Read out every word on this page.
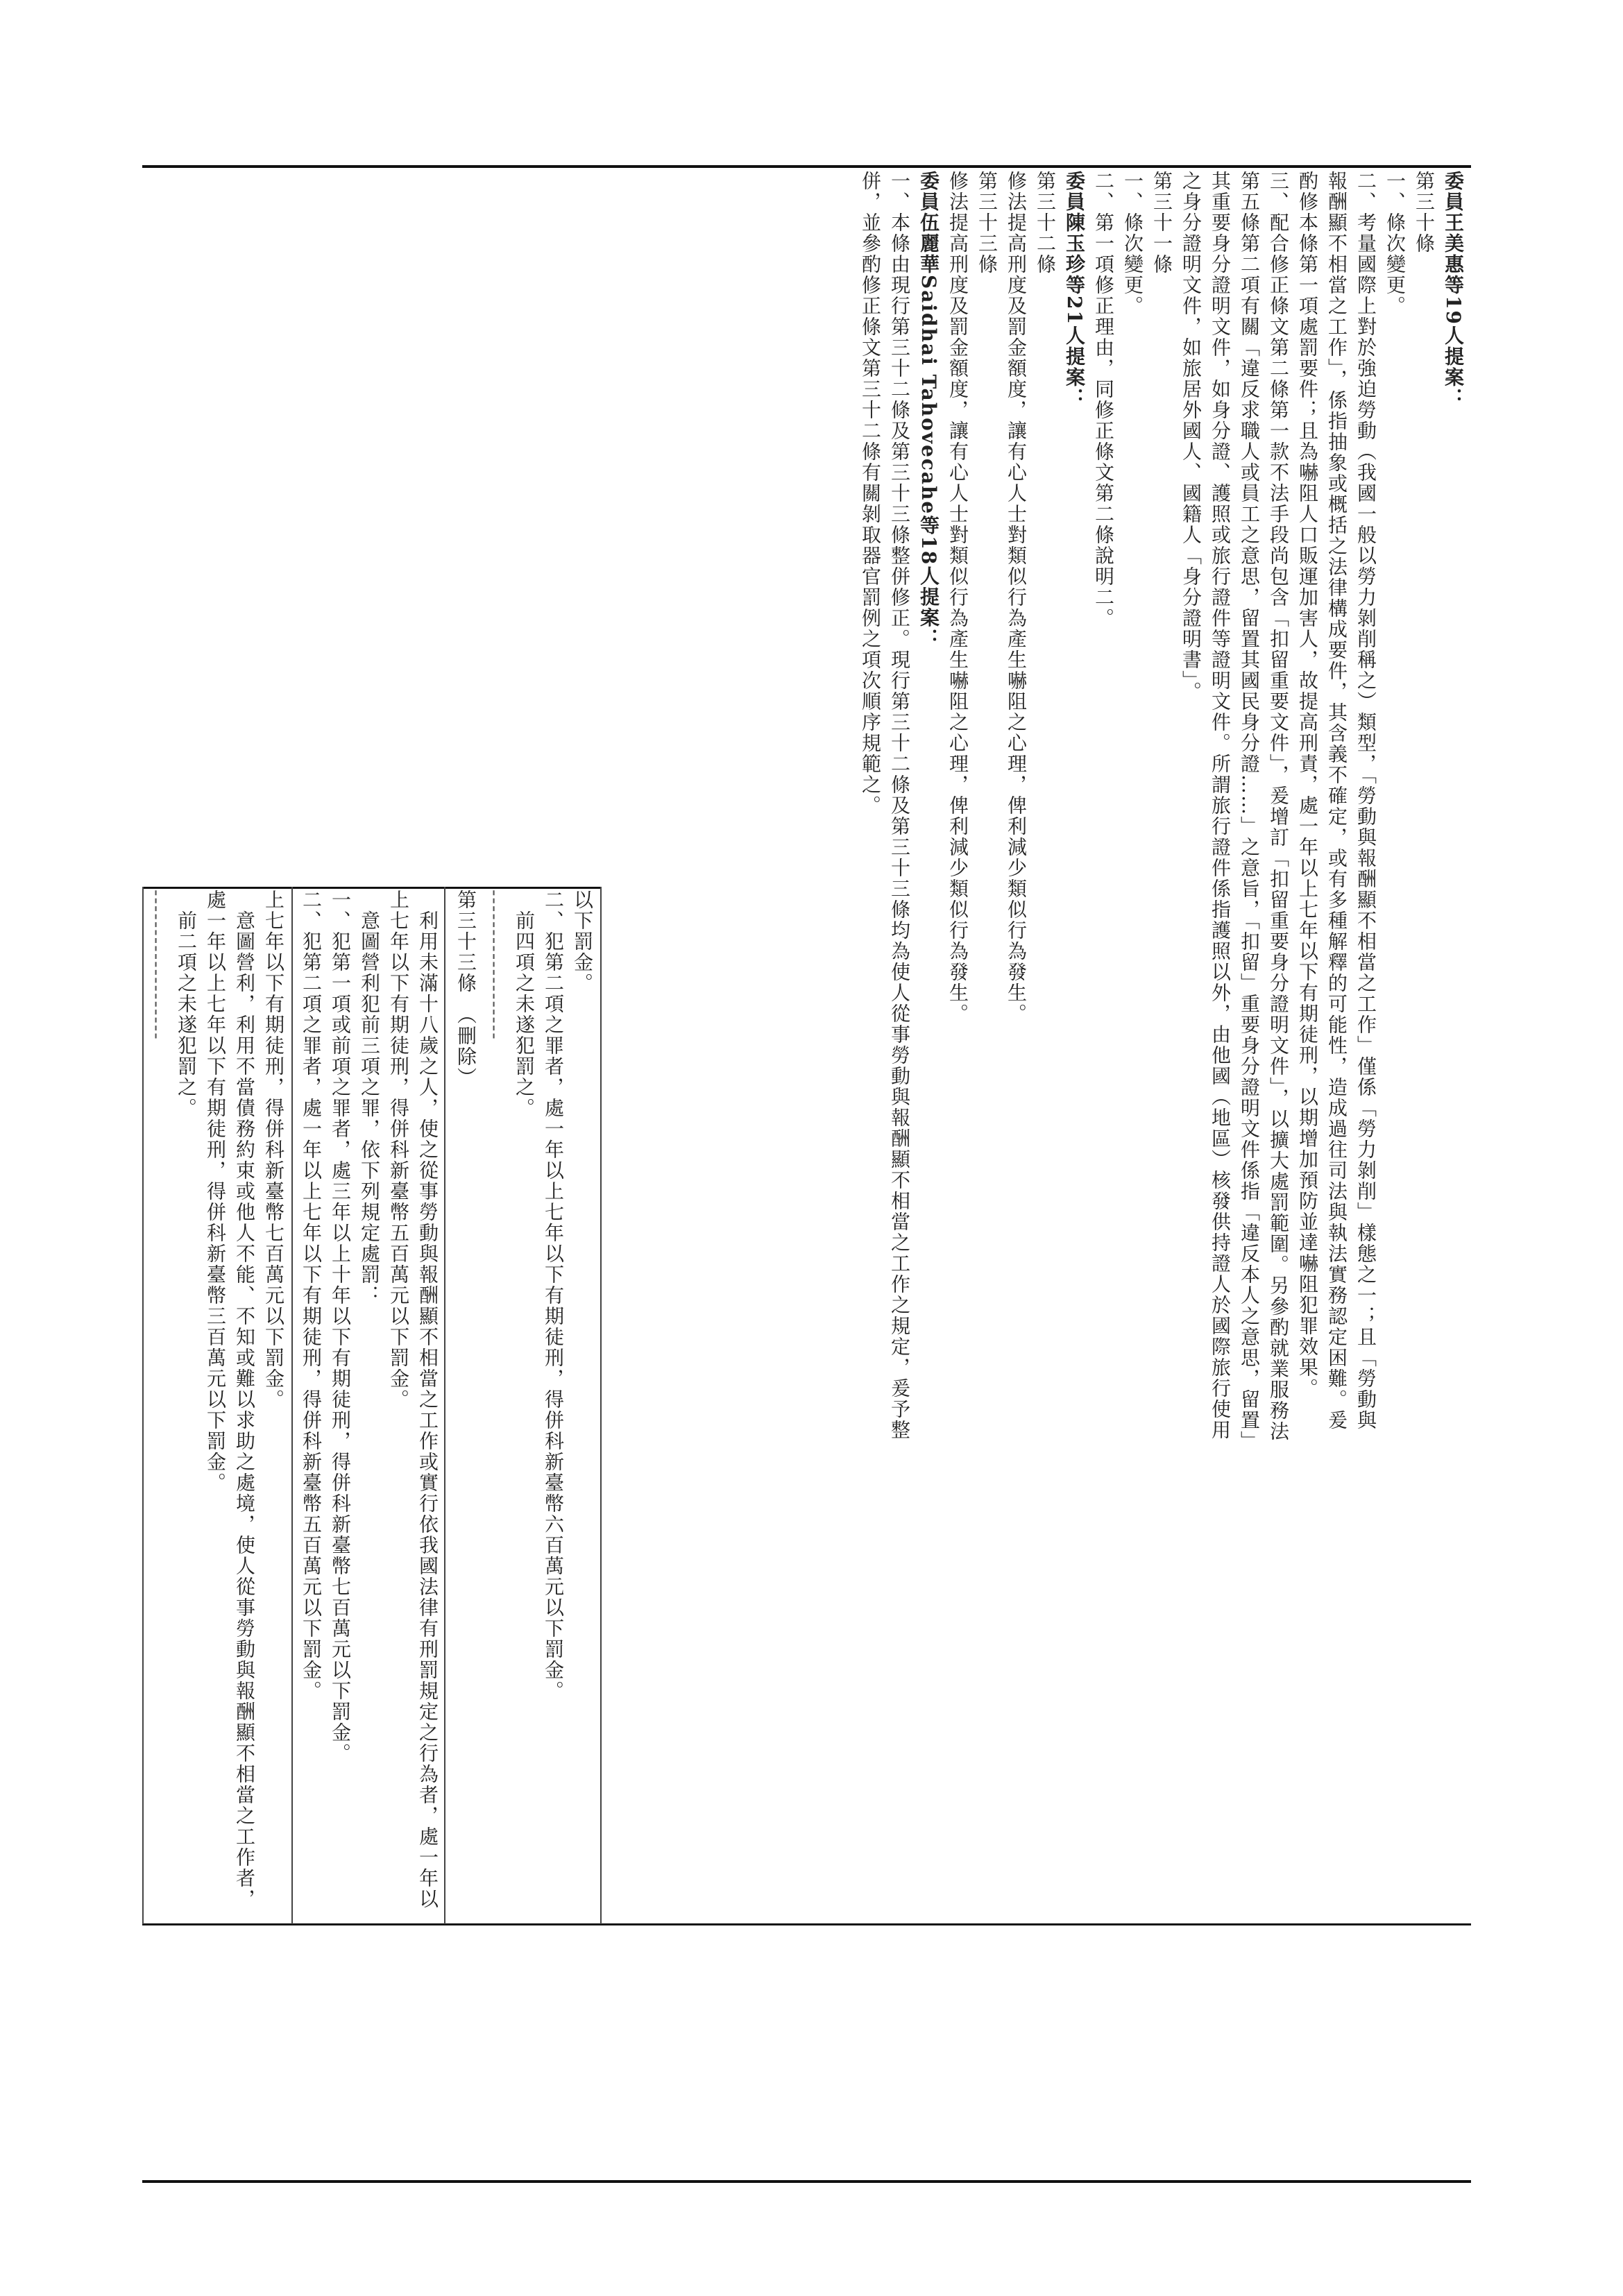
以下罰金。

二、犯第二項之罪者，處一年以上七年以下有期徒刑，得併科新臺幣六百萬元以下罰金。

　前四項之未遂犯罰之。

-------------------

第三十三條　（刪除）

　利用未滿十八歲之人，使之從事勞動與報酬顯不相當之工作或實行依我國法律有刑罰規定之行為者，處一年以上七年以下有期徒刑，得併科新臺幣五百萬元以下罰金。

　意圖營利犯前三項之罪，依下列規定處罰：

一、犯第一項或前項之罪者，處三年以上十年以下有期徒刑，得併科新臺幣七百萬元以下罰金。

二、犯第二項之罪者，處一年以上七年以下有期徒刑，得併科新臺幣五百萬元以下罰金。

上七年以下有期徒刑，得併科新臺幣七百萬元以下罰金。

　意圖營利，利用不當債務約束或他人不能、不知或難以求助之處境，使人從事勞動與報酬顯不相當之工作者，處一年以上七年以下有期徒刑，得併科新臺幣三百萬元以下罰金。

　前二項之未遂犯罰之。

-------------------

委員王美惠等19人提案：

第三十條

一、條次變更。

二、考量國際上對於強迫勞動（我國一般以勞力剝削稱之）類型，「勞動與報酬顯不相當之工作」僅係「勞力剝削」樣態之一；且「勞動與報酬顯不相當之工作」，係指抽象或概括之法律構成要件，其含義不確定，或有多種解釋的可能性，造成過往司法與執法實務認定困難。爰酌修本條第一項處罰要件；且為嚇阻人口販運加害人，故提高刑責，處一年以上七年以下有期徒刑，以期增加預防並達嚇阻犯罪效果。

三、配合修正條文第二條第一款不法手段尚包含「扣留重要文件」，爰增訂「扣留重要身分證明文件」，以擴大處罰範圍。另參酌就業服務法第五條第二項有關「違反求職人或員工之意思，留置其國民身分證……」之意旨，「扣留」重要身分證明文件係指「違反本人之意思，留置」其重要身分證明文件，如身分證、護照或旅行證件等證明文件。所謂旅行證件係指護照以外，由他國（地區）核發供持證人於國際旅行使用之身分證明文件，如旅居外國人、國籍人「身分證明書」。

第三十一條

一、條次變更。

二、第一項修正理由，同修正條文第二條說明二。

委員陳玉珍等21人提案：

第三十二條

修法提高刑度及罰金額度，讓有心人士對類似行為產生嚇阻之心理，俾利減少類似行為發生。

第三十三條

修法提高刑度及罰金額度，讓有心人士對類似行為產生嚇阻之心理，俾利減少類似行為發生。

委員伍麗華Saidhai Tahovecahe等18人提案：

一、本條由現行第三十二條及第三十三條整併修正。現行第三十二條及第三十三條均為使人從事勞動與報酬顯不相當之工作之規定，爰予整併，並參酌修正條文第三十二條有關剝取器官罰例之項次順序規範之。
